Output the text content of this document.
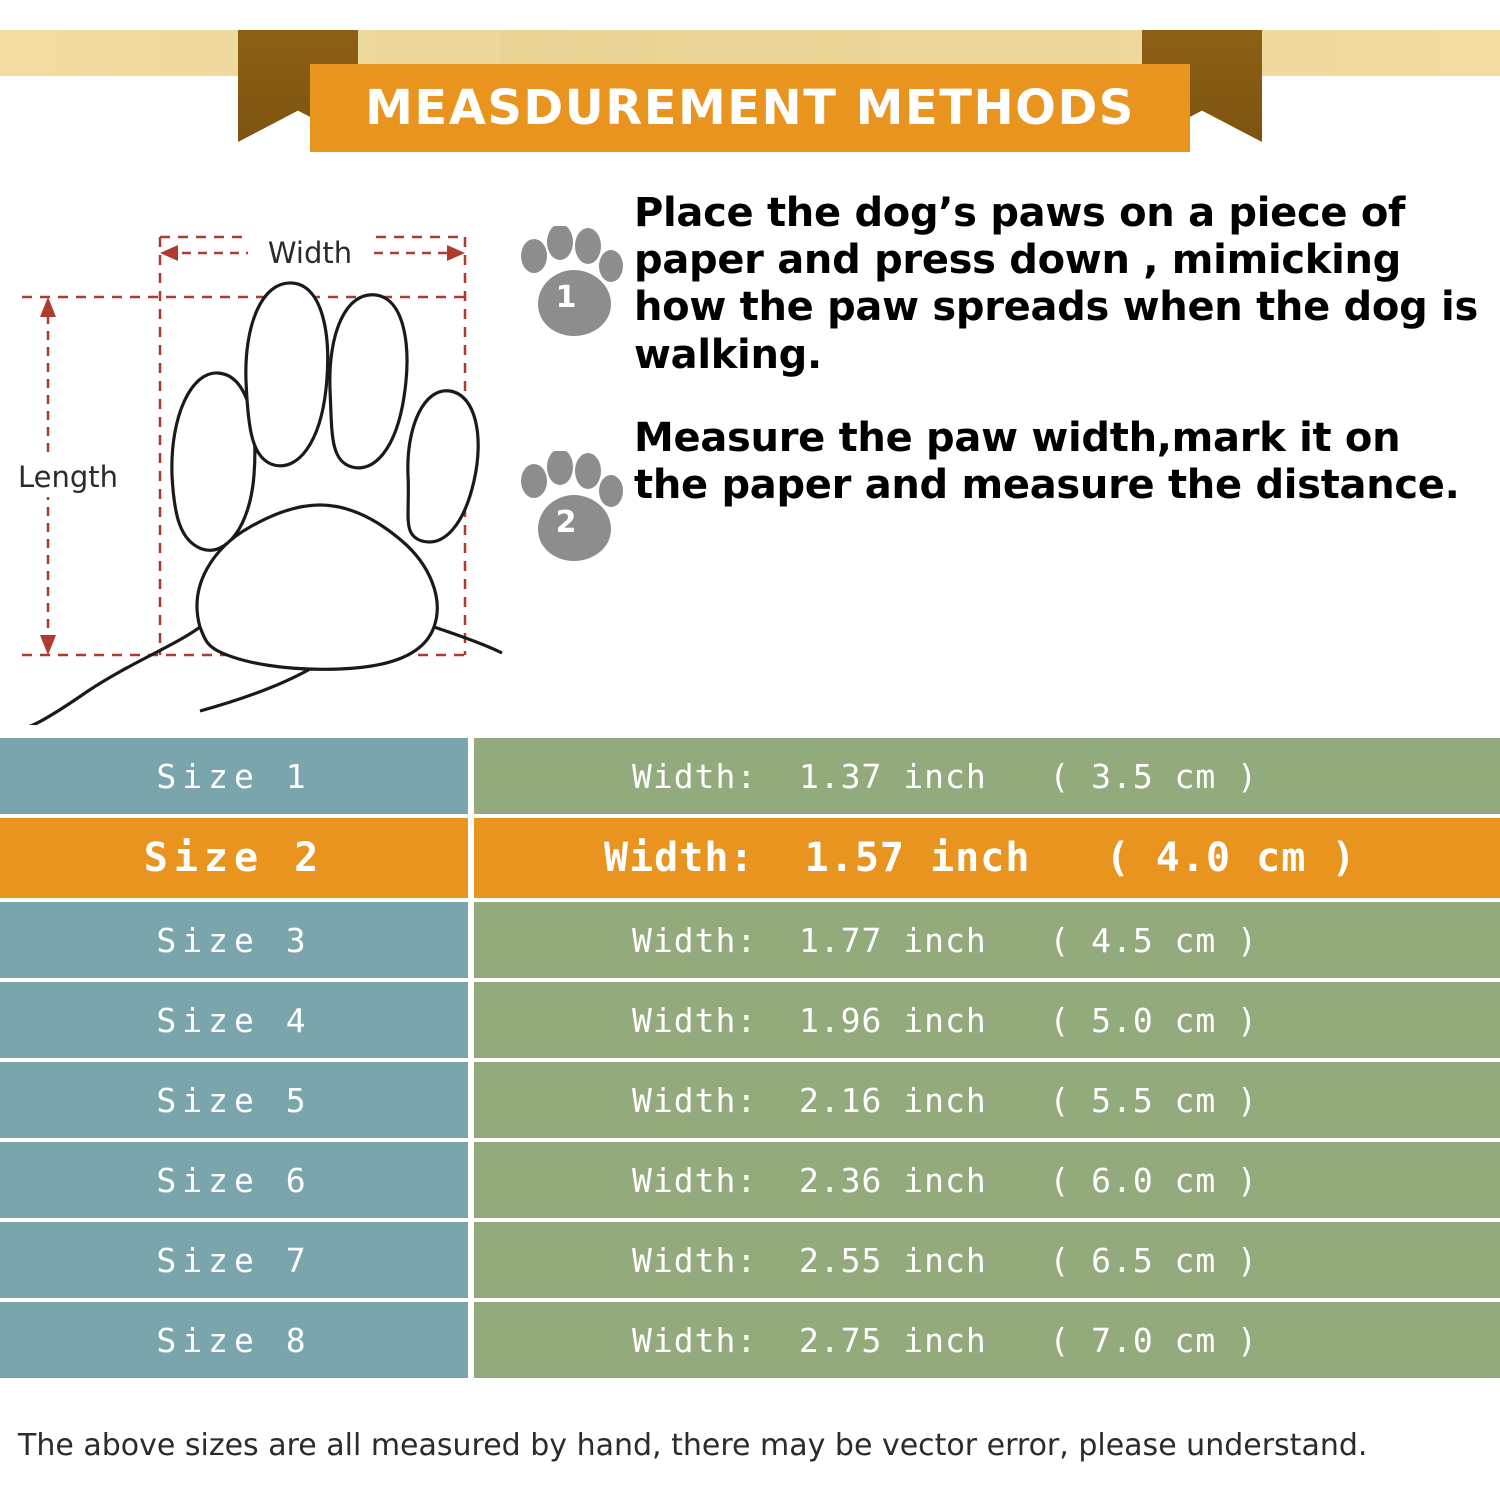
MEASDUREMENT METHODS
Width
Length
1
Place the dog’s paws on a piece of paper and press down , mimicking how the paw spreads when the dog is walking.
2
Measure the paw width,mark it on the paper and measure the distance.
Size 1	Width:  1.37 inch   ( 3.5 cm )
Size 2	Width:  1.57 inch   ( 4.0 cm )
Size 3	Width:  1.77 inch   ( 4.5 cm )
Size 4	Width:  1.96 inch   ( 5.0 cm )
Size 5	Width:  2.16 inch   ( 5.5 cm )
Size 6	Width:  2.36 inch   ( 6.0 cm )
Size 7	Width:  2.55 inch   ( 6.5 cm )
Size 8	Width:  2.75 inch   ( 7.0 cm )
The above sizes are all measured by hand, there may be vector error, please understand.
